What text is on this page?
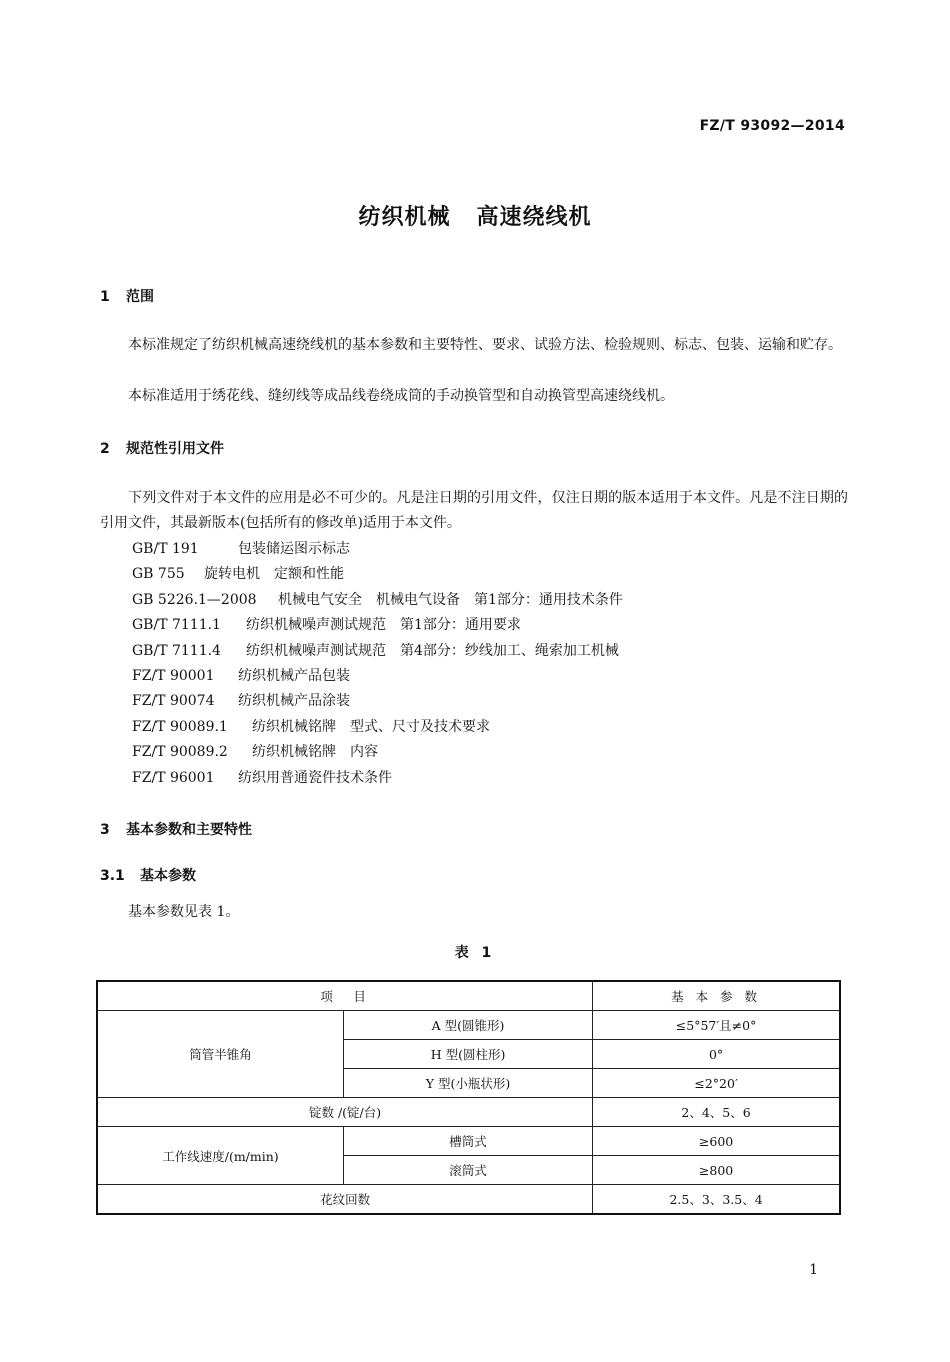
FZ/T 93092—2014
纺织机械 高速绕线机
1 范围
本标准规定了纺织机械高速绕线机的基本参数和主要特性、要求、试验方法、检验规则、标志、包装、运输和贮存。
本标准适用于绣花线、缝纫线等成品线卷绕成筒的手动换管型和自动换管型高速绕线机。
2 规范性引用文件
下列文件对于本文件的应用是必不可少的。凡是注日期的引用文件，仅注日期的版本适用于本文件。凡是不注日期的引用文件，其最新版本(包括所有的修改单)适用于本文件。
GB/T 191	包装储运图示标志
GB 755 旋转电机　定额和性能
GB 5226.1—2008 机械电气安全　机械电气设备　第1部分：通用技术条件
GB/T 7111.1 纺织机械噪声测试规范　第1部分：通用要求
GB/T 7111.4 纺织机械噪声测试规范　第4部分：纱线加工、绳索加工机械
FZ/T 90001 纺织机械产品包装
FZ/T 90074 纺织机械产品涂装
FZ/T 90089.1 纺织机械铭牌　型式、尺寸及技术要求
FZ/T 90089.2 纺织机械铭牌　内容
FZ/T 96001 纺织用普通瓷件技术条件
3 基本参数和主要特性
3.1 基本参数
基本参数见表 1。
表 1
项　目		基 本 参 数
筒管半锥角	A 型(圆锥形)	≤5°57′且≠0°
	H 型(圆柱形)	0°
	Y 型(小瓶状形)	≤2°20′
锭数 /(锭/台)		2、4、5、6
工作线速度/(m/min)	槽筒式	≥600
	滚筒式	≥800
花纹回数		2.5、3、3.5、4
1
